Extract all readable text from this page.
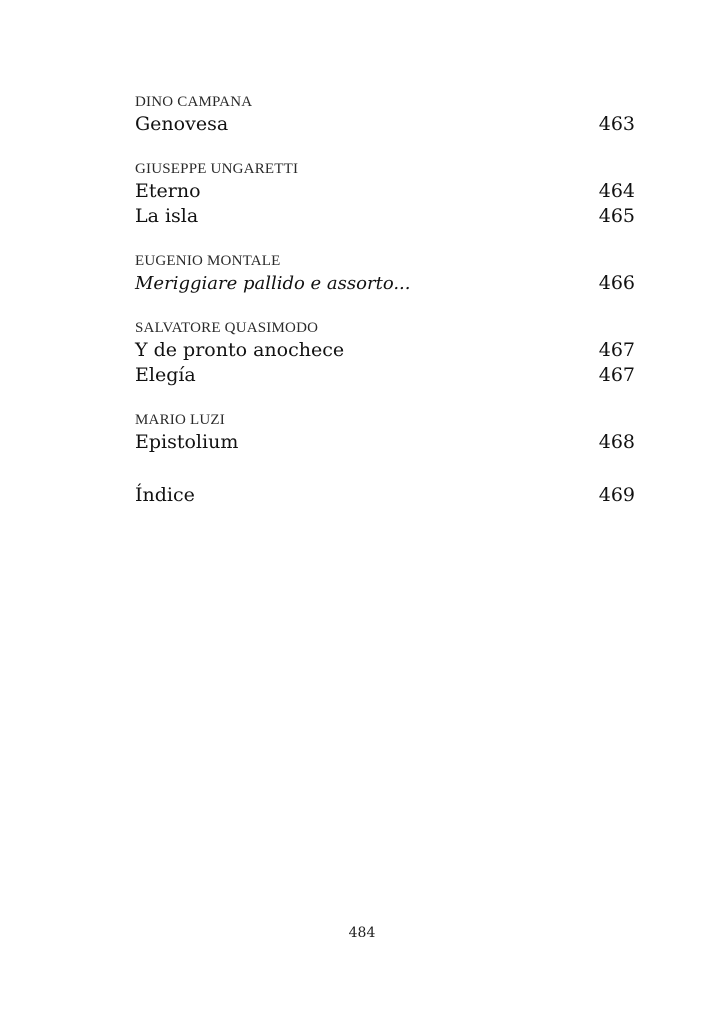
DINO CAMPANA
Genovesa	463
GIUSEPPE UNGARETTI
Eterno	464
La isla	465
EUGENIO MONTALE
Meriggiare pallido e assorto...	466
SALVATORE QUASIMODO
Y de pronto anochece	467
Elegía	467
MARIO LUZI
Epistolium	468
Índice	469
484
